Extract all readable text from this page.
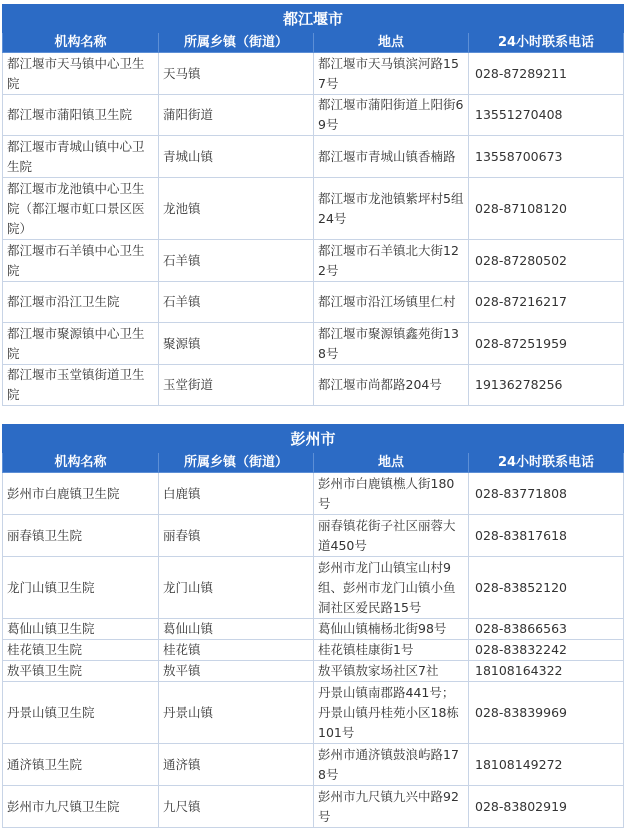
都江堰市			
机构名称	所属乡镇（街道）	地点	24小时联系电话
都江堰市天马镇中心卫生院	天马镇	都江堰市天马镇滨河路157号	028-87289211
都江堰市蒲阳镇卫生院	蒲阳街道	都江堰市蒲阳街道上阳街69号	13551270408
都江堰市青城山镇中心卫生院	青城山镇	都江堰市青城山镇香楠路	13558700673
都江堰市龙池镇中心卫生院（都江堰市虹口景区医院）	龙池镇	都江堰市龙池镇紫坪村5组24号	028-87108120
都江堰市石羊镇中心卫生院	石羊镇	都江堰市石羊镇北大街122号	028-87280502
都江堰市沿江卫生院	石羊镇	都江堰市沿江场镇里仁村	028-87216217
都江堰市聚源镇中心卫生院	聚源镇	都江堰市聚源镇鑫苑街138号	028-87251959
都江堰市玉堂镇街道卫生院	玉堂街道	都江堰市尚都路204号	19136278256
彭州市			
机构名称	所属乡镇（街道）	地点	24小时联系电话
彭州市白鹿镇卫生院	白鹿镇	彭州市白鹿镇樵人街180号	028-83771808
丽春镇卫生院	丽春镇	丽春镇花街子社区丽蓉大道450号	028-83817618
龙门山镇卫生院	龙门山镇	彭州市龙门山镇宝山村9组、彭州市龙门山镇小鱼洞社区爱民路15号	028-83852120
葛仙山镇卫生院	葛仙山镇	葛仙山镇楠杨北街98号	028-83866563
桂花镇卫生院	桂花镇	桂花镇桂康街1号	028-83832242
敖平镇卫生院	敖平镇	敖平镇敖家场社区7社	18108164322
丹景山镇卫生院	丹景山镇	丹景山镇南郡路441号；丹景山镇丹桂苑小区18栋101号	028-83839969
通济镇卫生院	通济镇	彭州市通济镇鼓浪屿路178号	18108149272
彭州市九尺镇卫生院	九尺镇	彭州市九尺镇九兴中路92号	028-83802919
